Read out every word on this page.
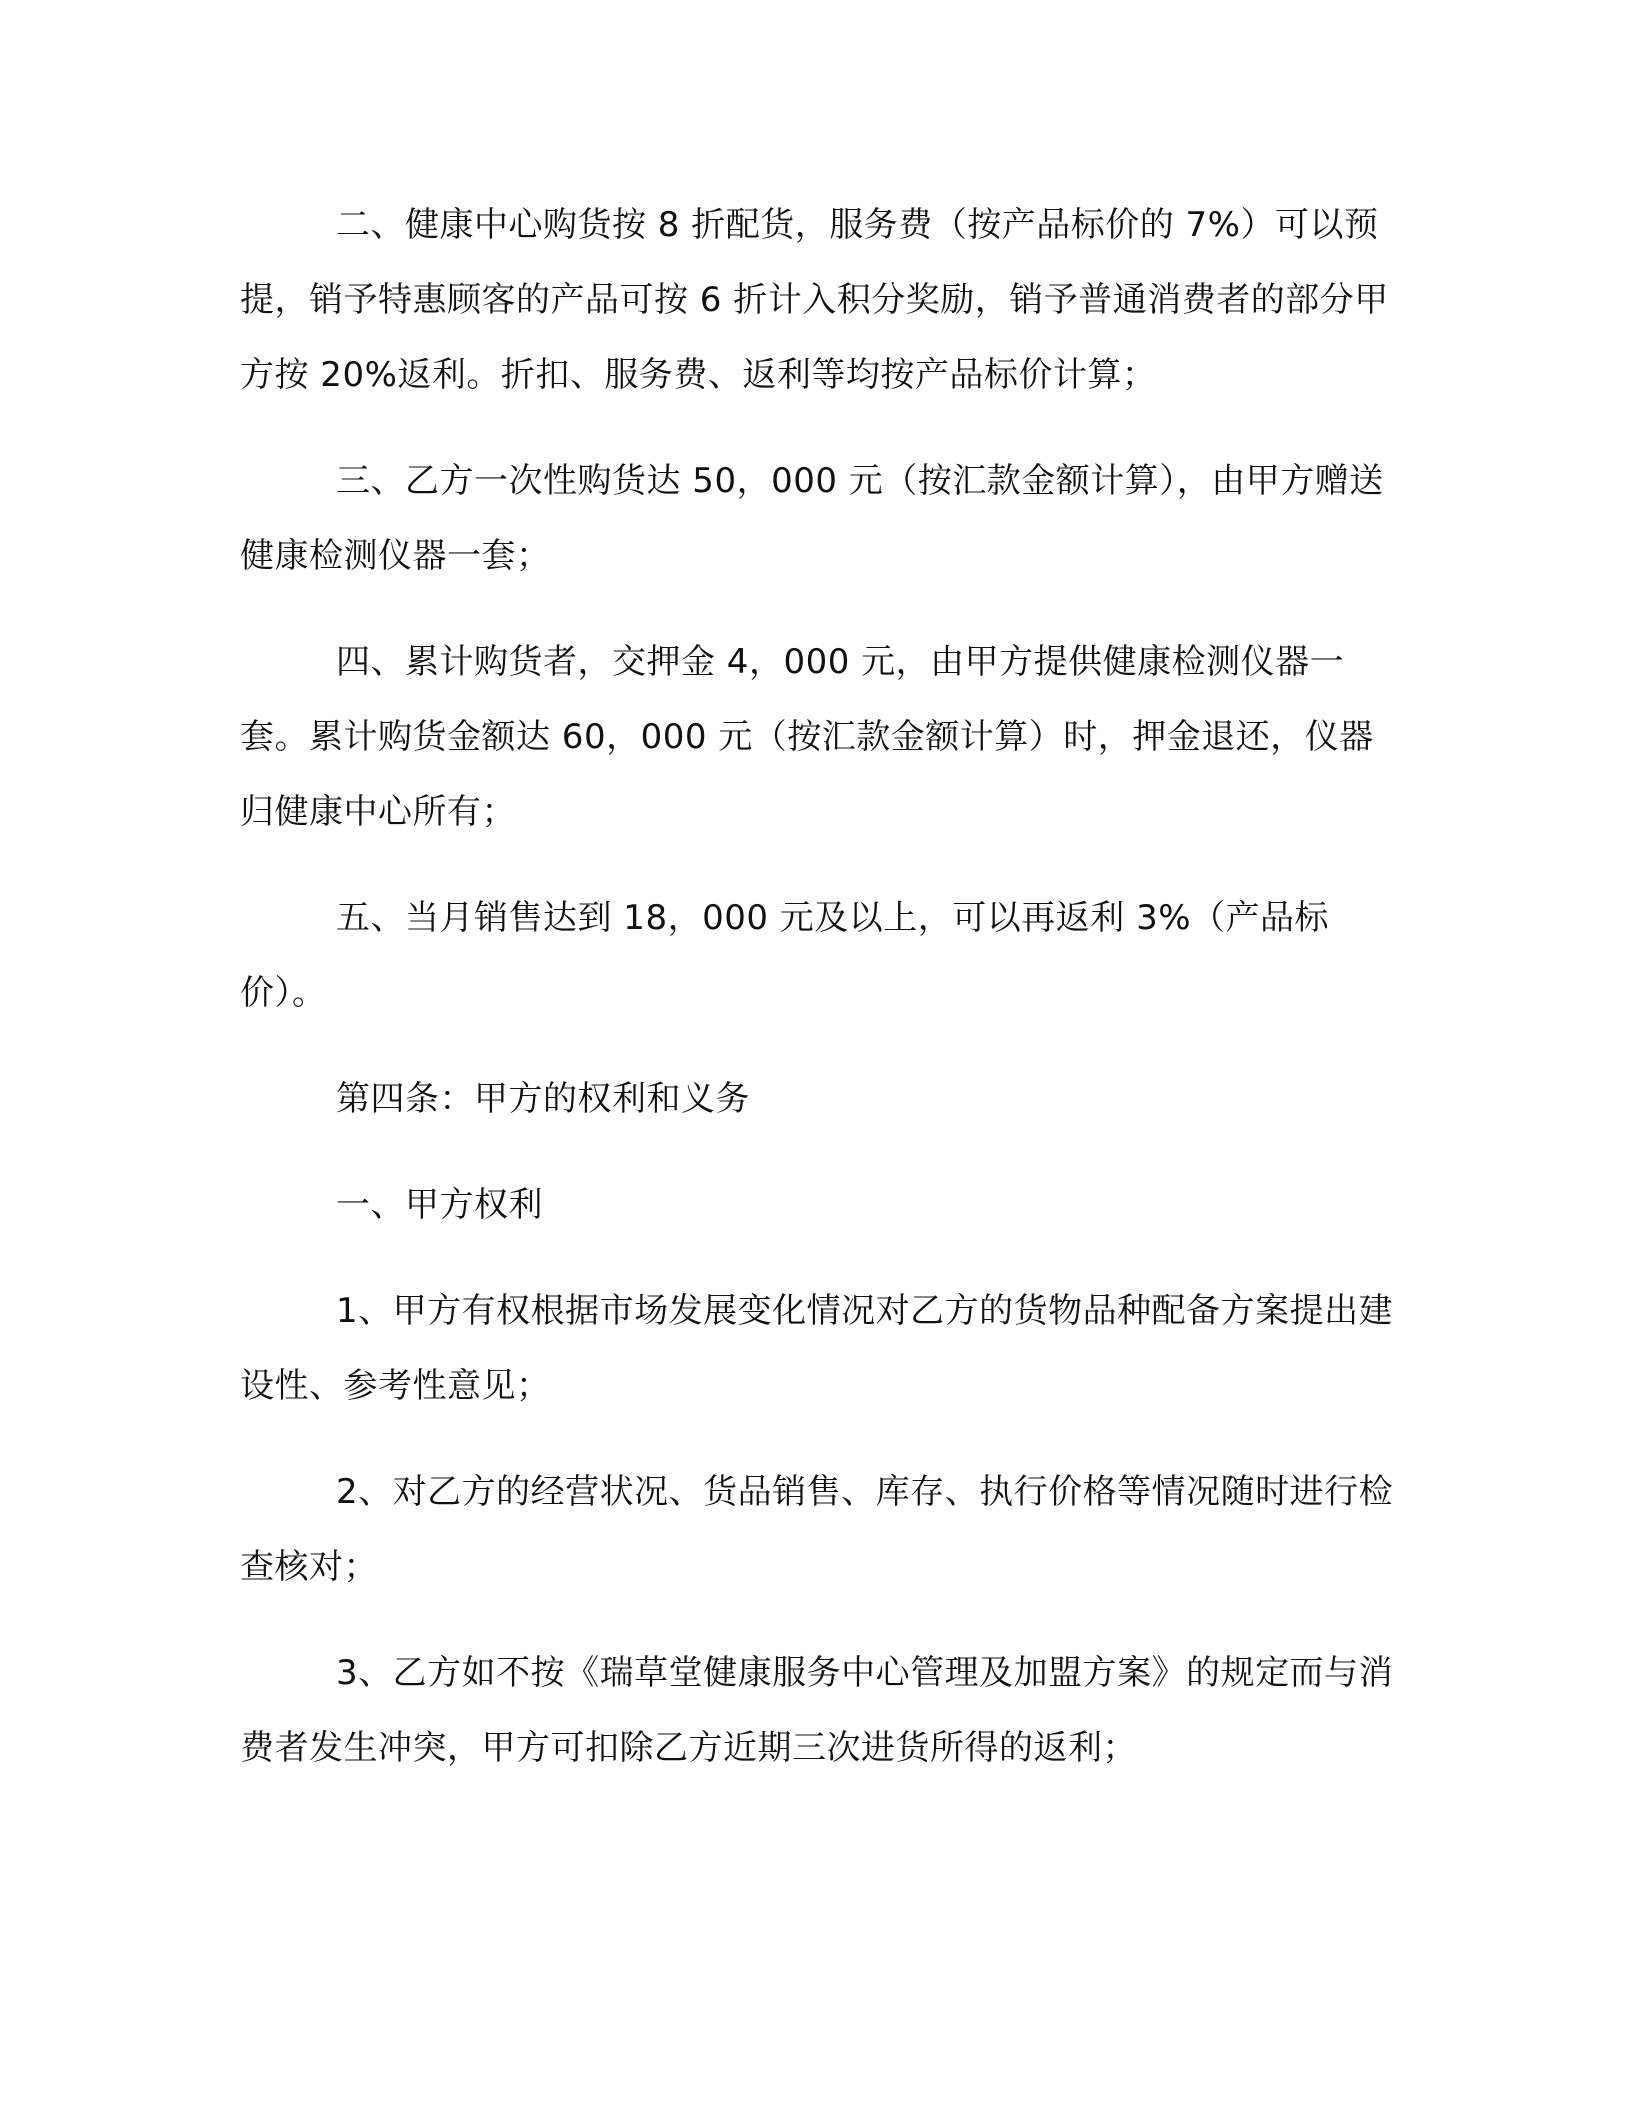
二、健康中心购货按 8 折配货，服务费（按产品标价的 7%）可以预提，销予特惠顾客的产品可按 6 折计入积分奖励，销予普通消费者的部分甲方按 20%返利。折扣、服务费、返利等均按产品标价计算；

三、乙方一次性购货达 50，000 元（按汇款金额计算），由甲方赠送健康检测仪器一套；

四、累计购货者，交押金 4，000 元，由甲方提供健康检测仪器一套。累计购货金额达 60，000 元（按汇款金额计算）时，押金退还，仪器归健康中心所有；

五、当月销售达到 18，000 元及以上，可以再返利 3%（产品标价）。

第四条：甲方的权利和义务

一、甲方权利

1、甲方有权根据市场发展变化情况对乙方的货物品种配备方案提出建设性、参考性意见；

2、对乙方的经营状况、货品销售、库存、执行价格等情况随时进行检查核对；

3、乙方如不按《瑞草堂健康服务中心管理及加盟方案》的规定而与消费者发生冲突，甲方可扣除乙方近期三次进货所得的返利；
